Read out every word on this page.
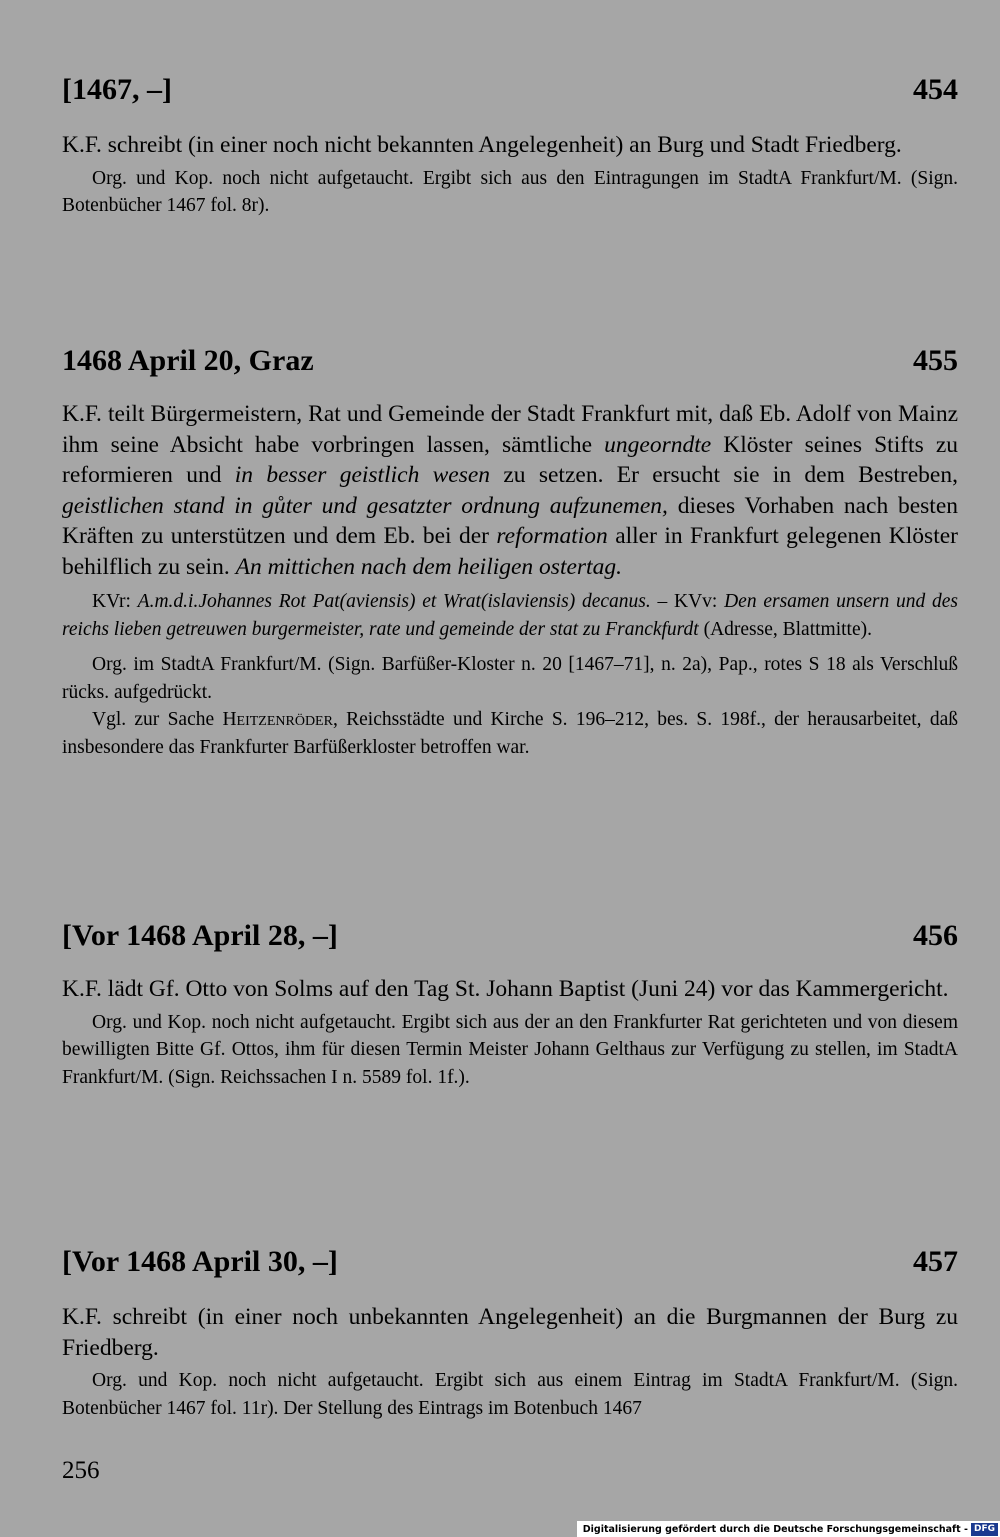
[1467, –]	454

K.F. schreibt (in einer noch nicht bekannten Angelegenheit) an Burg und Stadt Friedberg.

Org. und Kop. noch nicht aufgetaucht. Ergibt sich aus den Eintragungen im StadtA Frankfurt/M. (Sign. Botenbücher 1467 fol. 8r).

1468 April 20, Graz	455

K.F. teilt Bürgermeistern, Rat und Gemeinde der Stadt Frankfurt mit, daß Eb. Adolf von Mainz ihm seine Absicht habe vorbringen lassen, sämtliche ungeorndte Klöster seines Stifts zu reformieren und in besser geistlich wesen zu setzen. Er ersucht sie in dem Bestreben, geistlichen stand in gůter und gesatzter ordnung aufzunemen, dieses Vorhaben nach besten Kräften zu unterstützen und dem Eb. bei der reformation aller in Frankfurt gelegenen Klöster behilflich zu sein. An mittichen nach dem heiligen ostertag.

KVr: A.m.d.i.Johannes Rot Pat(aviensis) et Wrat(islaviensis) decanus. – KVv: Den ersamen unsern und des reichs lieben getreuwen burgermeister, rate und gemeinde der stat zu Franckfurdt (Adresse, Blattmitte).

Org. im StadtA Frankfurt/M. (Sign. Barfüßer-Kloster n. 20 [1467–71], n. 2a), Pap., rotes S 18 als Verschluß rücks. aufgedrückt.

Vgl. zur Sache Heitzenröder, Reichsstädte und Kirche S. 196–212, bes. S. 198f., der herausarbeitet, daß insbesondere das Frankfurter Barfüßerkloster betroffen war.

[Vor 1468 April 28, –]	456

K.F. lädt Gf. Otto von Solms auf den Tag St. Johann Baptist (Juni 24) vor das Kammergericht.

Org. und Kop. noch nicht aufgetaucht. Ergibt sich aus der an den Frankfurter Rat gerichteten und von diesem bewilligten Bitte Gf. Ottos, ihm für diesen Termin Meister Johann Gelthaus zur Verfügung zu stellen, im StadtA Frankfurt/M. (Sign. Reichssachen I n. 5589 fol. 1f.).

[Vor 1468 April 30, –]	457

K.F. schreibt (in einer noch unbekannten Angelegenheit) an die Burgmannen der Burg zu Friedberg.

Org. und Kop. noch nicht aufgetaucht. Ergibt sich aus einem Eintrag im StadtA Frankfurt/M. (Sign. Botenbücher 1467 fol. 11r). Der Stellung des Eintrags im Botenbuch 1467

256
Digitalisierung gefördert durch die Deutsche Forschungsgemeinschaft - DFG
